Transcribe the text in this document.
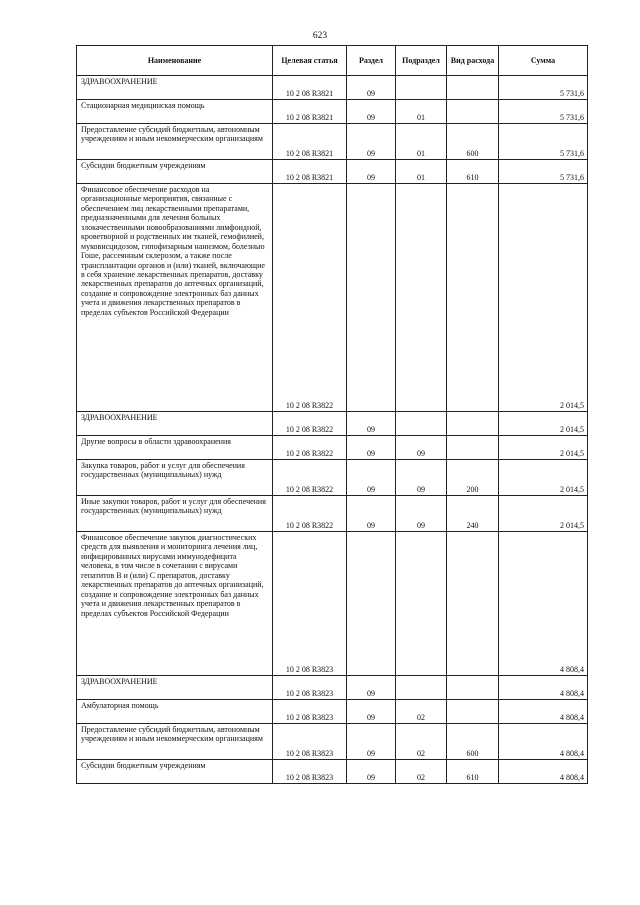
623
Наименование	Целевая статья	Раздел	Подраздел	Вид расхода	Сумма
ЗДРАВООХРАНЕНИЕ	10 2 08 R3821	09			5 731,6
Стационарная медицинская помощь	10 2 08 R3821	09	01		5 731,6
Предоставление субсидий бюджетным, автономным учреждениям и иным некоммерческим организациям	10 2 08 R3821	09	01	600	5 731,6
Субсидии бюджетным учреждениям	10 2 08 R3821	09	01	610	5 731,6
Финансовое обеспечение расходов на организационные мероприятия, связанные с обеспечением лиц лекарственными препаратами, предназначенными для лечения больных злокачественными новообразованиями лимфоидной, кроветворной и родственных им тканей, гемофилией, муковисцидозом, гипофизарным нанизмом, болезнью Гоше, рассеянным склерозом, а также после трансплантации органов и (или) тканей, включающие в себя хранение лекарственных препаратов, доставку лекарственных препаратов до аптечных организаций, создание и сопровождение электронных баз данных учета и движения лекарственных препаратов в пределах субъектов Российской Федерации	10 2 08 R3822				2 014,5
ЗДРАВООХРАНЕНИЕ	10 2 08 R3822	09			2 014,5
Другие вопросы в области здравоохранения	10 2 08 R3822	09	09		2 014,5
Закупка товаров, работ и услуг для обеспечения государственных (муниципальных) нужд	10 2 08 R3822	09	09	200	2 014,5
Иные закупки товаров, работ и услуг для обеспечения государственных (муниципальных) нужд	10 2 08 R3822	09	09	240	2 014,5
Финансовое обеспечение закупок диагностических средств для выявления и мониторинга лечения лиц, инфицированных вирусами иммунодефицита человека, в том числе в сочетании с вирусами гепатитов В и (или) С препаратов, доставку лекарственных препаратов до аптечных организаций, создание и сопровождение электронных баз данных учета и движения лекарственных препаратов в пределах субъектов Российской Федерации	10 2 08 R3823				4 808,4
ЗДРАВООХРАНЕНИЕ	10 2 08 R3823	09			4 808,4
Амбулаторная помощь	10 2 08 R3823	09	02		4 808,4
Предоставление субсидий бюджетным, автономным учреждениям и иным некоммерческим организациям	10 2 08 R3823	09	02	600	4 808,4
Субсидии бюджетным учреждениям	10 2 08 R3823	09	02	610	4 808,4
